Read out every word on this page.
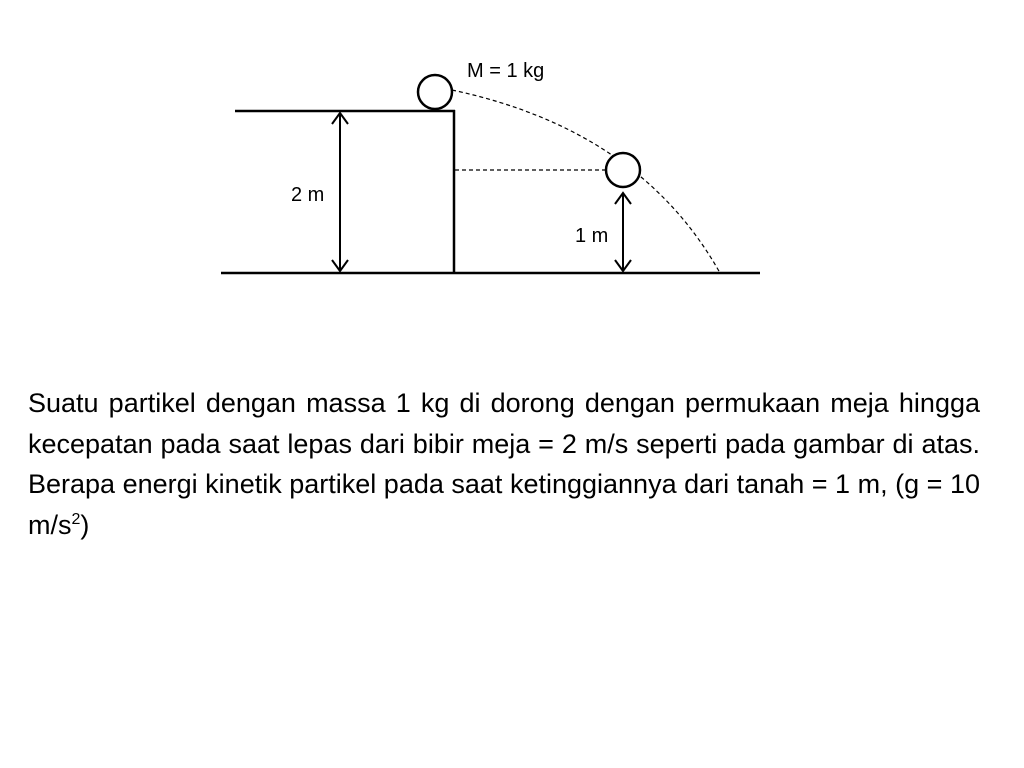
M = 1 kg
2 m
1 m

Suatu partikel dengan massa 1 kg di dorong dengan permukaan meja hingga kecepatan pada saat lepas dari bibir meja = 2 m/s seperti pada gambar di atas. Berapa energi kinetik partikel pada saat ketinggiannya dari tanah = 1 m, (g = 10 $m/s^2$)
